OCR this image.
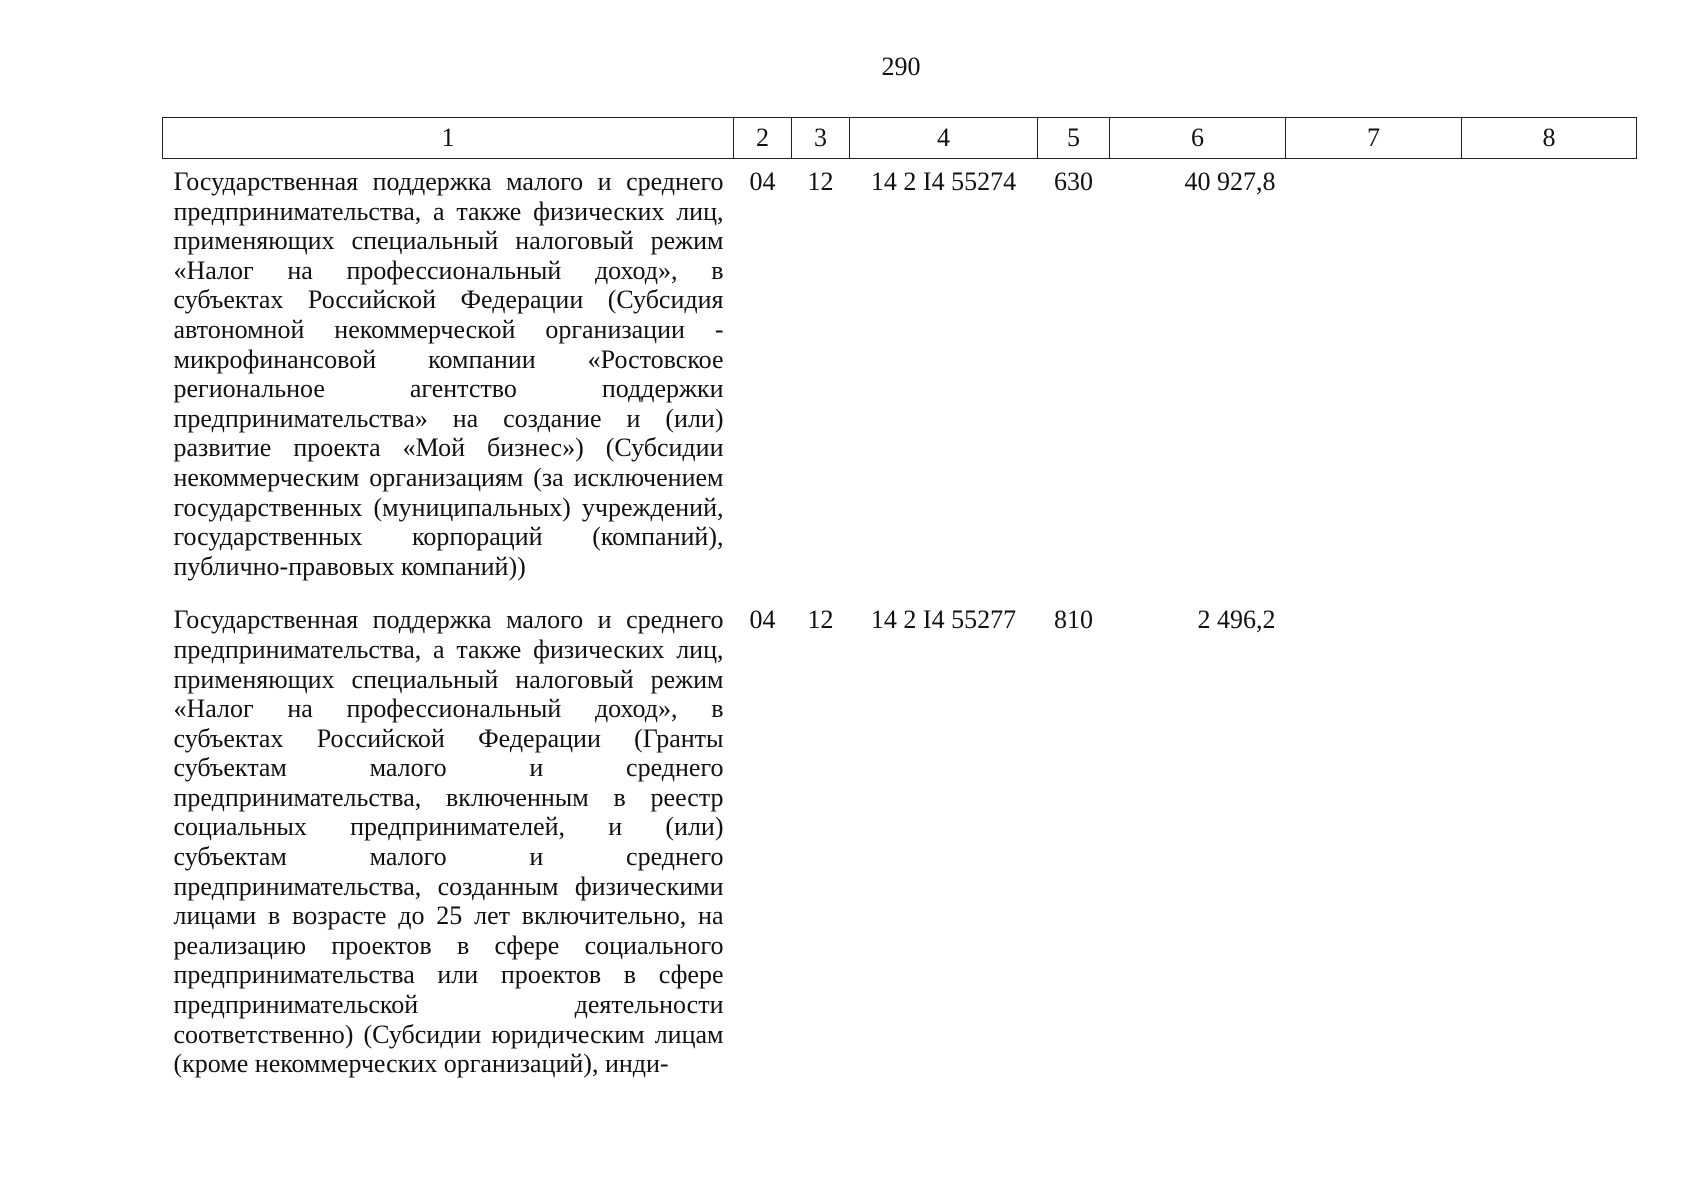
290
1	2	3	4	5	6	7	8
Государственная поддержка малого и среднего предпринимательства, а также физических лиц, применяющих специальный налоговый режим «Налог на профессиональный доход», в субъектах Российской Федерации (Субсидия автономной некоммерческой организации - микрофинансовой компании «Ростовское региональное агентство поддержки предпринимательства» на создание и (или) развитие проекта «Мой бизнес») (Субсидии некоммерческим организациям (за исключением государственных (муниципальных) учреждений, государственных корпораций (компаний), публично-правовых компаний))	04	12	14 2 I4 55274	630	40 927,8		
Государственная поддержка малого и среднего предпринимательства, а также физических лиц, применяющих специальный налоговый режим «Налог на профессиональный доход», в субъектах Российской Федерации (Гранты субъектам малого и среднего предпринимательства, включенным в реестр социальных предпринимателей, и (или) субъектам малого и среднего предпринимательства, созданным физическими лицами в возрасте до 25 лет включительно, на реализацию проектов в сфере социального предпринимательства или проектов в сфере предпринимательской деятельности соответственно) (Субсидии юридическим лицам (кроме некоммерческих организаций), инди-	04	12	14 2 I4 55277	810	2 496,2		
